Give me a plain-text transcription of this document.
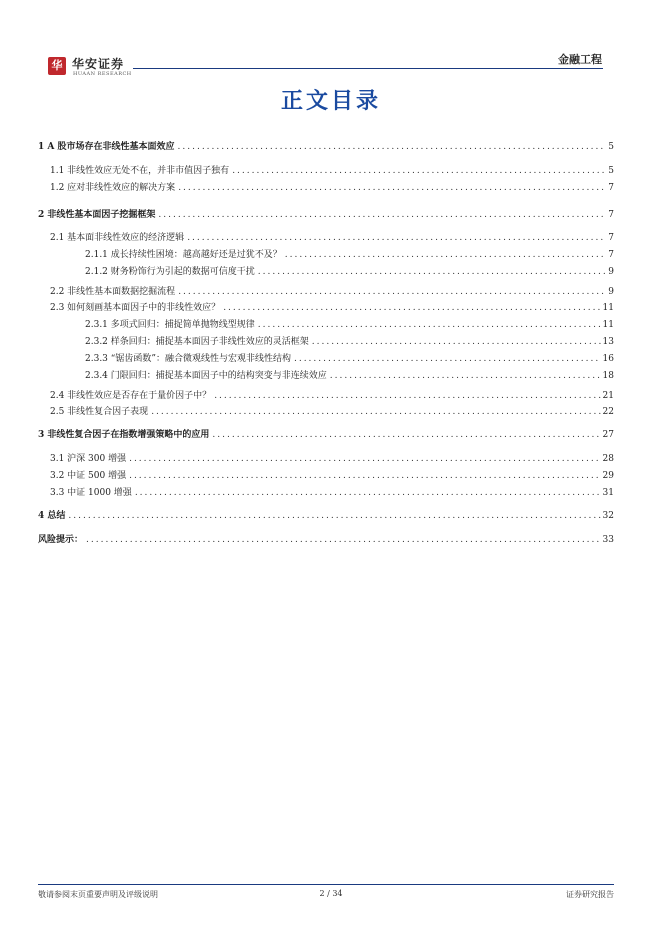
华 华安证券
HUAAN RESEARCH
金融工程
正文目录
1 A 股市场存在非线性基本面效应 .....	5
1.1 非线性效应无处不在，并非市值因子独有 .....	5
1.2 应对非线性效应的解决方案 .....	7
2 非线性基本面因子挖掘框架 .....	7
2.1 基本面非线性效应的经济逻辑 .....	7
2.1.1 成长持续性困境：越高越好还是过犹不及？ .....	7
2.1.2 财务粉饰行为引起的数据可信度干扰 .....	9
2.2 非线性基本面数据挖掘流程 .....	9
2.3 如何刻画基本面因子中的非线性效应？ .....	11
2.3.1 多项式回归：捕捉简单抛物线型规律 .....	11
2.3.2 样条回归：捕捉基本面因子非线性效应的灵活框架 .....	13
2.3.3 “锯齿函数”：融合微观线性与宏观非线性结构 .....	16
2.3.4 门限回归：捕捉基本面因子中的结构突变与非连续效应 .....	18
2.4 非线性效应是否存在于量价因子中？ .....	21
2.5 非线性复合因子表现 .....	22
3 非线性复合因子在指数增强策略中的应用 .....	27
3.1 沪深 300 增强 .....	28
3.2 中证 500 增强 .....	29
3.3 中证 1000 增强 .....	31
4 总结 .....	32
风险提示： .....	33
敬请参阅末页重要声明及评级说明	2 / 34	证券研究报告
